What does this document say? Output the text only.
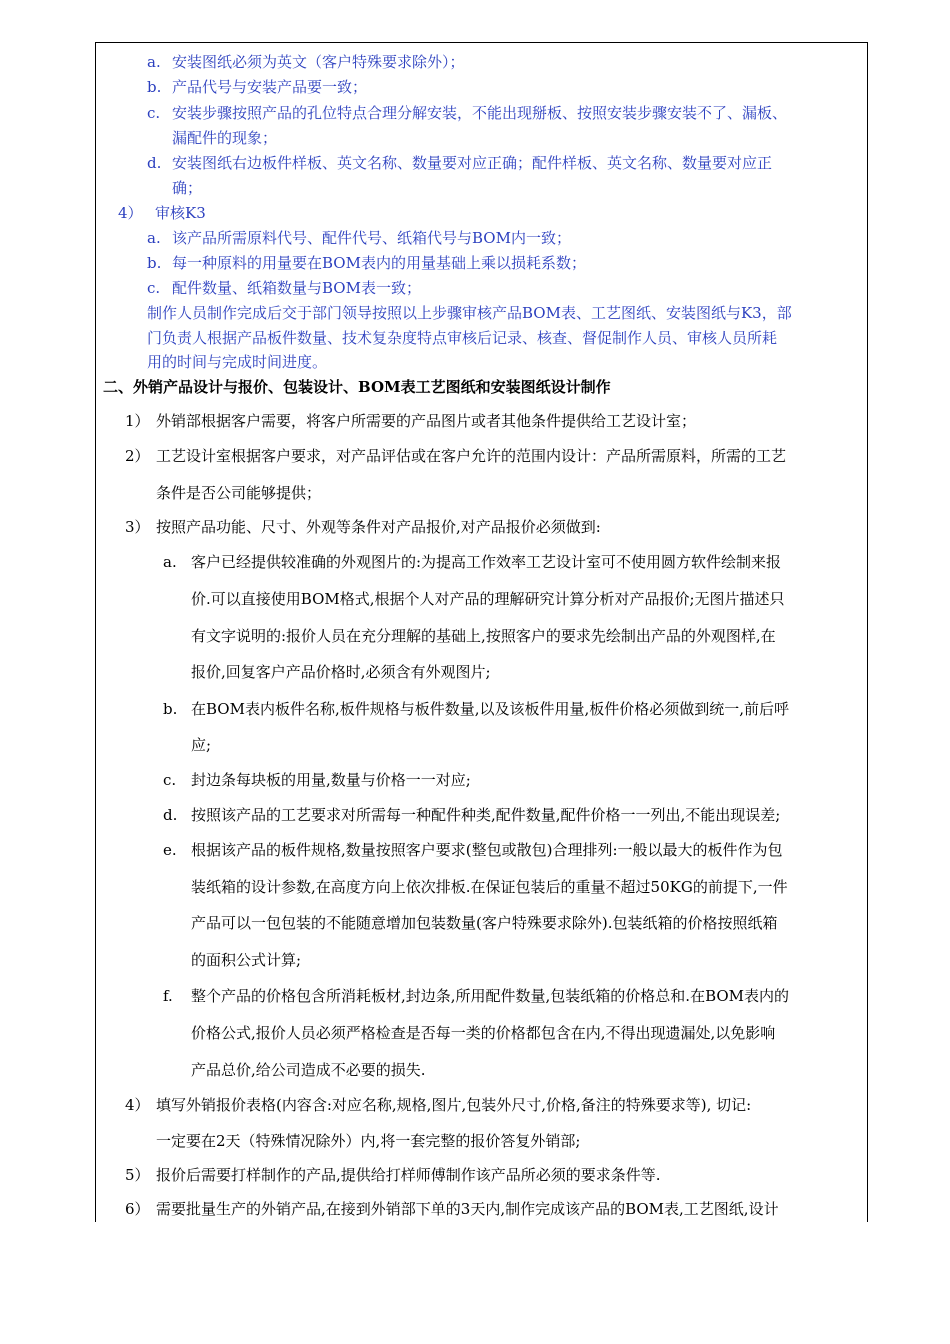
a. 安装图纸必须为英文（客户特殊要求除外）；
b. 产品代号与安装产品要一致；
c. 安装步骤按照产品的孔位特点合理分解安装，不能出现掰板、按照安装步骤安装不了、漏板、
漏配件的现象；
d. 安装图纸右边板件样板、英文名称、数量要对应正确；配件样板、英文名称、数量要对应正
确；
4） 审核K3
a. 该产品所需原料代号、配件代号、纸箱代号与BOM内一致；
b. 每一种原料的用量要在BOM表内的用量基础上乘以损耗系数；
c. 配件数量、纸箱数量与BOM表一致；
制作人员制作完成后交于部门领导按照以上步骤审核产品BOM表、工艺图纸、安装图纸与K3，部
门负责人根据产品板件数量、技术复杂度特点审核后记录、核查、督促制作人员、审核人员所耗
用的时间与完成时间进度。
二、外销产品设计与报价、包装设计、BOM表工艺图纸和安装图纸设计制作
1） 外销部根据客户需要，将客户所需要的产品图片或者其他条件提供给工艺设计室；
2） 工艺设计室根据客户要求，对产品评估或在客户允许的范围内设计：产品所需原料，所需的工艺
条件是否公司能够提供；
3） 按照产品功能、尺寸、外观等条件对产品报价,对产品报价必须做到:
a. 客户已经提供较准确的外观图片的:为提高工作效率工艺设计室可不使用圆方软件绘制来报
价.可以直接使用BOM格式,根据个人对产品的理解研究计算分析对产品报价;无图片描述只
有文字说明的:报价人员在充分理解的基础上,按照客户的要求先绘制出产品的外观图样,在
报价,回复客户产品价格时,必须含有外观图片;
b. 在BOM表内板件名称,板件规格与板件数量,以及该板件用量,板件价格必须做到统一,前后呼
应;
c. 封边条每块板的用量,数量与价格一一对应;
d. 按照该产品的工艺要求对所需每一种配件种类,配件数量,配件价格一一列出,不能出现误差;
e. 根据该产品的板件规格,数量按照客户要求(整包或散包)合理排列:一般以最大的板件作为包
装纸箱的设计参数,在高度方向上依次排板.在保证包装后的重量不超过50KG的前提下,一件
产品可以一包包装的不能随意增加包装数量(客户特殊要求除外).包装纸箱的价格按照纸箱
的面积公式计算;
f. 整个产品的价格包含所消耗板材,封边条,所用配件数量,包装纸箱的价格总和.在BOM表内的
价格公式,报价人员必须严格检查是否每一类的价格都包含在内,不得出现遗漏处,以免影响
产品总价,给公司造成不必要的损失.
4） 填写外销报价表格(内容含:对应名称,规格,图片,包装外尺寸,价格,备注的特殊要求等), 切记:
一定要在2天（特殊情况除外）内,将一套完整的报价答复外销部;
5） 报价后需要打样制作的产品,提供给打样师傅制作该产品所必须的要求条件等.
6） 需要批量生产的外销产品,在接到外销部下单的3天内,制作完成该产品的BOM表,工艺图纸,设计
